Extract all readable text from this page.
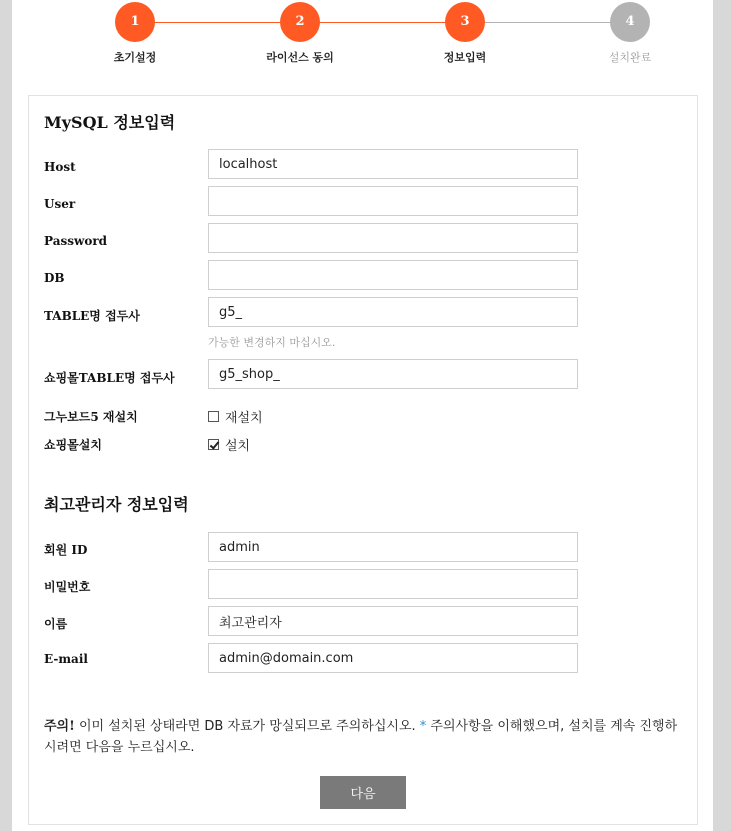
1
초기설정
2
라이선스 동의
3
정보입력
4
설치완료
MySQL 정보입력
Host
localhost
User
Password
DB
TABLE명 접두사
g5_
가능한 변경하지 마십시오.
쇼핑몰TABLE명 접두사
g5_shop_
그누보드5 재설치	재설치
쇼핑몰설치	설치
최고관리자 정보입력
회원 ID
admin
비밀번호
이름
최고관리자
E-mail
admin@domain.com
주의! 이미 설치된 상태라면 DB 자료가 망실되므로 주의하십시오. * 주의사항을 이해했으며, 설치를 계속 진행하시려면 다음을 누르십시오.
다음
